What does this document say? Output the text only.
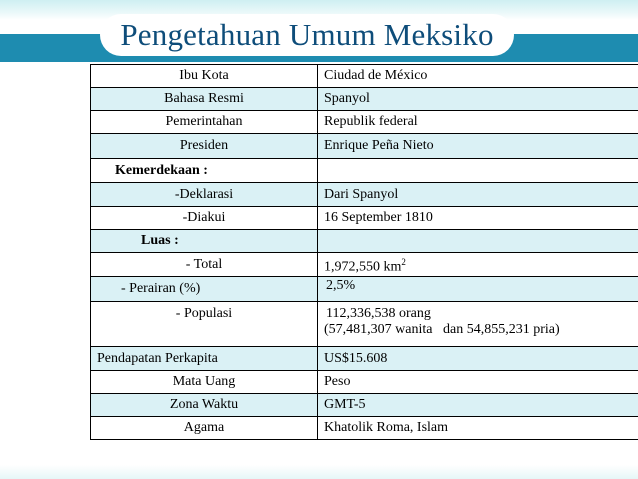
Pengetahuan Umum Meksiko
Ibu Kota	Ciudad de México
Bahasa Resmi	Spanyol
Pemerintahan	Republik federal
Presiden	Enrique Peña Nieto
Kemerdekaan :	
-Deklarasi	Dari Spanyol
-Diakui	16 September 1810
Luas :	
- Total	1,972,550 $km^2$
- Perairan (%)	2,5%
- Populasi	112,336,538 orang
(57,481,307 wanita   dan 54,855,231 pria)

Pendapatan Perkapita	US$15.608
Mata Uang	Peso
Zona Waktu	GMT-5
Agama	Khatolik Roma, Islam
